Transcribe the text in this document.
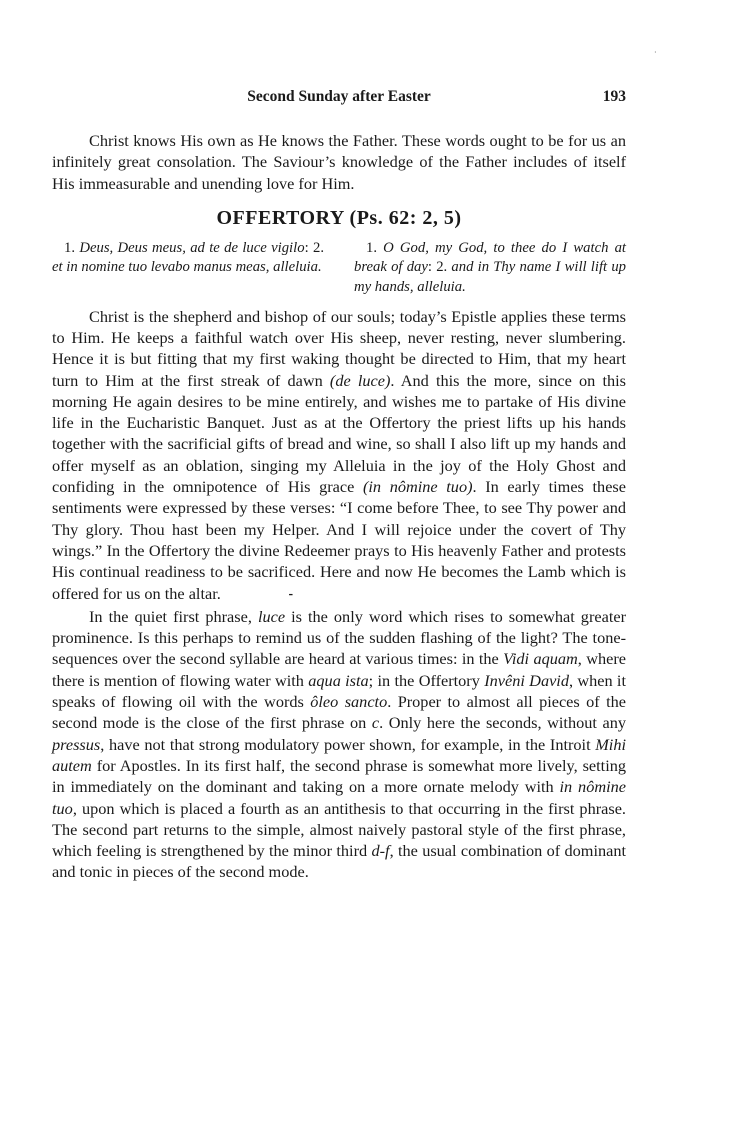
·
Second Sunday after Easter	193

Christ knows His own as He knows the Father. These words ought to be for us an infinitely great consolation. The Saviour’s knowledge of the Father includes of itself His immeasurable and unending love for Him.

OFFERTORY (Ps. 62: 2, 5)
1. Deus, Deus meus, ad te de luce vigilo: 2. et in nomine tuo levabo manus meas, alleluia.
1. O God, my God, to thee do I watch at break of day: 2. and in Thy name I will lift up my hands, alleluia.

Christ is the shepherd and bishop of our souls; today’s Epistle applies these terms to Him. He keeps a faithful watch over His sheep, never resting, never slumbering. Hence it is but fitting that my first waking thought be directed to Him, that my heart turn to Him at the first streak of dawn (de luce). And this the more, since on this morning He again desires to be mine entirely, and wishes me to partake of His divine life in the Eucharistic Banquet. Just as at the Offertory the priest lifts up his hands together with the sacrificial gifts of bread and wine, so shall I also lift up my hands and offer myself as an oblation, singing my Alleluia in the joy of the Holy Ghost and confiding in the omnipotence of His grace (in nômine tuo). In early times these sentiments were expressed by these verses: “I come before Thee, to see Thy power and Thy glory. Thou hast been my Helper. And I will rejoice under the covert of Thy wings.” In the Offertory the divine Redeemer prays to His heavenly Father and protests His continual readiness to be sacrificed. Here and now He becomes the Lamb which is offered for us on the altar.	⁃

In the quiet first phrase, luce is the only word which rises to somewhat greater prominence. Is this perhaps to remind us of the sudden flashing of the light? The tone-sequences over the second syllable are heard at various times: in the Vidi aquam, where there is mention of flowing water with aqua ista; in the Offertory Invêni David, when it speaks of flowing oil with the words ôleo sancto. Proper to almost all pieces of the second mode is the close of the first phrase on c. Only here the seconds, without any pressus, have not that strong modulatory power shown, for example, in the Introit Mihi autem for Apostles. In its first half, the second phrase is somewhat more lively, setting in immediately on the dominant and taking on a more ornate melody with in nômine tuo, upon which is placed a fourth as an antithesis to that occurring in the first phrase. The second part returns to the simple, almost naively pastoral style of the first phrase, which feeling is strengthened by the minor third d-f, the usual combination of dominant and tonic in pieces of the second mode.
